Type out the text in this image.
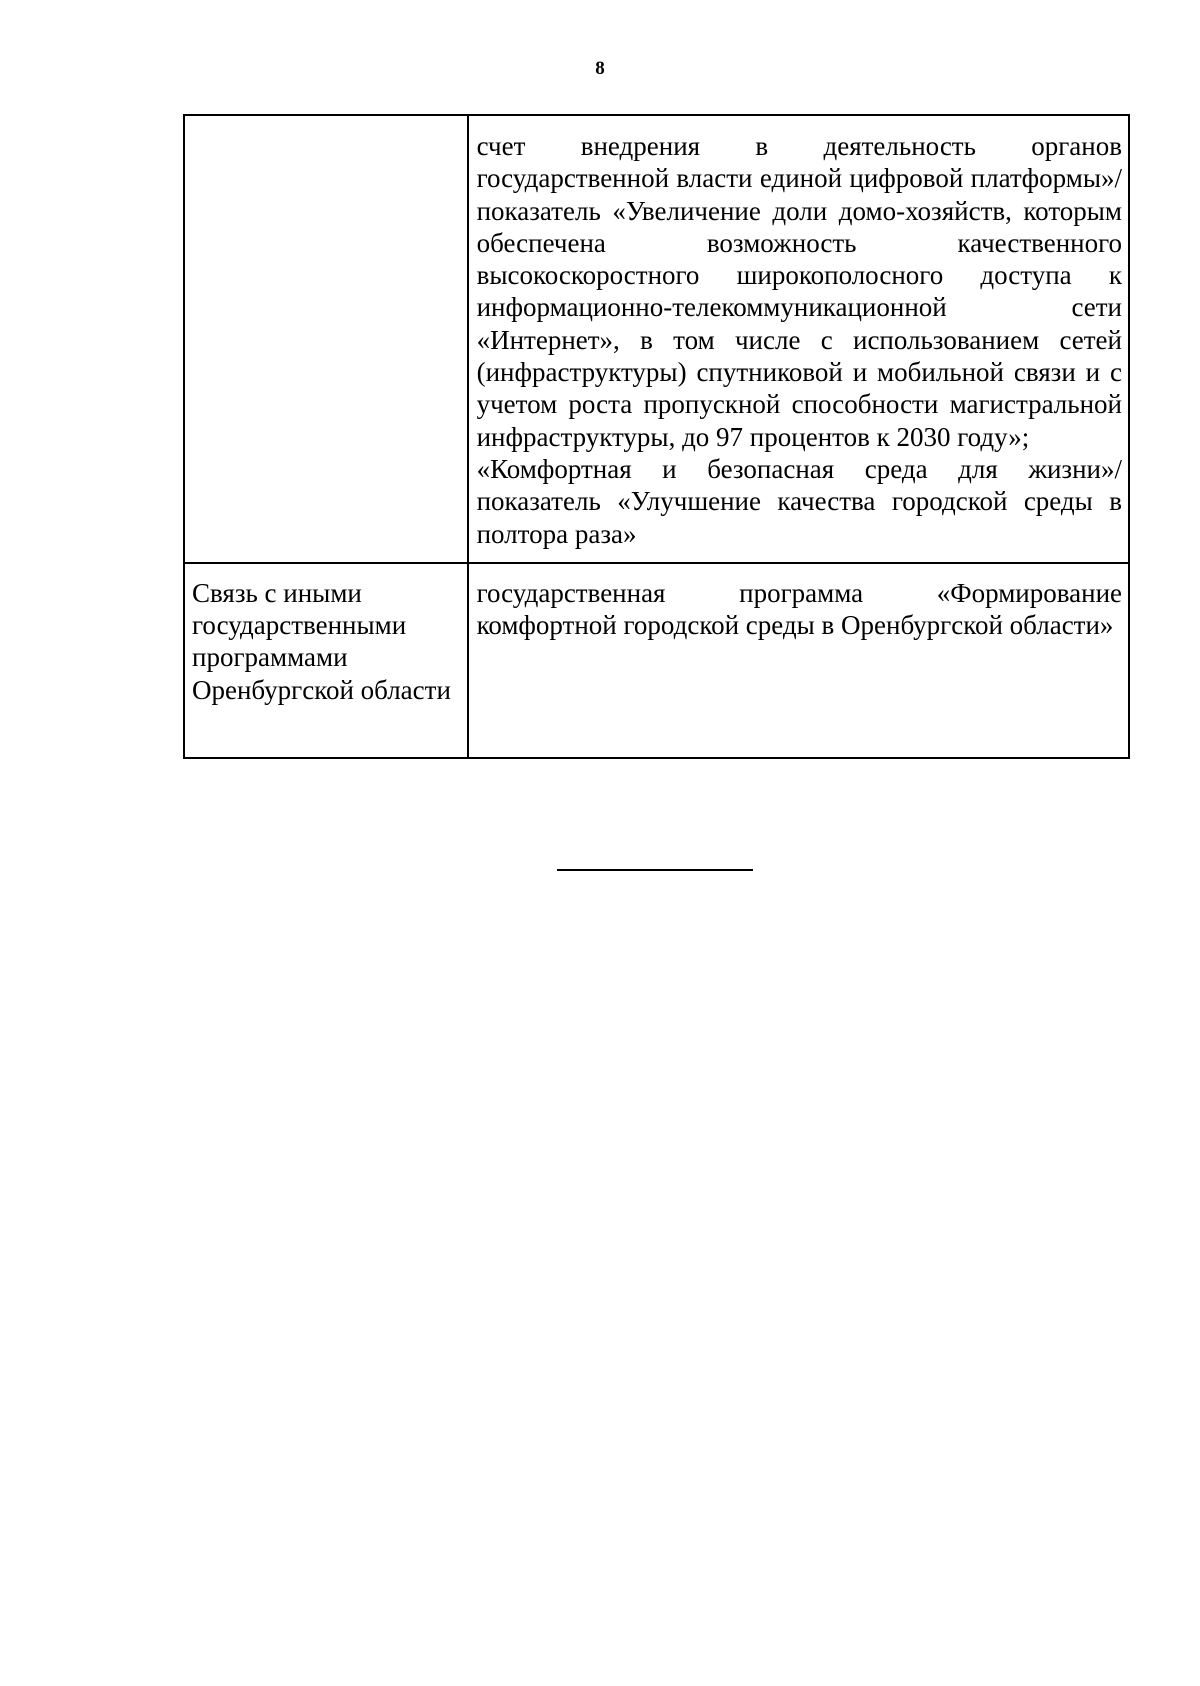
8

	счет внедрения в деятельность органов государственной власти единой цифровой платформы»/показатель «Увеличение доли домо-хозяйств, которым обеспечена возможность качественного высокоскоростного широкополосного доступа к информационно-телекоммуникационной сети «Интернет», в том числе с использованием сетей (инфраструктуры) спутниковой и мобильной связи и с учетом роста пропускной способности магистральной инфраструктуры, до 97 процентов к 2030 году»;
«Комфортная и безопасная среда для жизни»/ показатель «Улучшение качества городской среды в полтора раза»

Связь с иными государственными программами Оренбургской области	государственная программа «Формирование комфортной городской среды в Оренбургской области»
